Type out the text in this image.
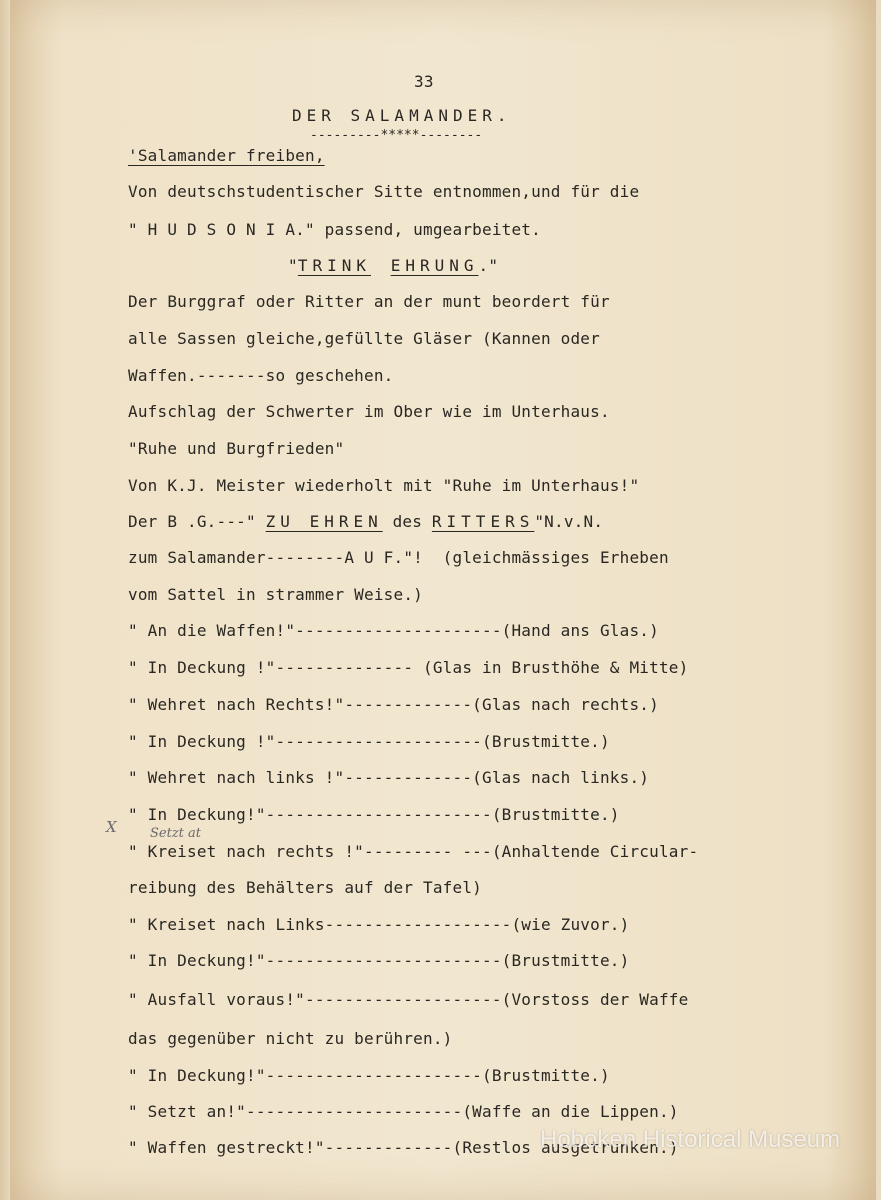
33
DER SALAMANDER.
---------*****--------
'Salamander freiben,
Von deutschstudentischer Sitte entnommen,und für die
" H U D S O N I A." passend, umgearbeitet.
"TRINK EHRUNG."
Der Burggraf oder Ritter an der munt beordert für
alle Sassen gleiche,gefüllte Gläser (Kannen oder
Waffen.-------so geschehen.
Aufschlag der Schwerter im Ober wie im Unterhaus.
"Ruhe und Burgfrieden"
Von K.J. Meister wiederholt mit "Ruhe im Unterhaus!"
Der B .G.---" ZU EHREN des RITTERS"N.v.N.
zum Salamander--------A U F."!  (gleichmässiges Erheben
vom Sattel in strammer Weise.)
" An die Waffen!"---------------------(Hand ans Glas.)
" In Deckung !"-------------- (Glas in Brusthöhe & Mitte)
" Wehret nach Rechts!"-------------(Glas nach rechts.)
" In Deckung !"---------------------(Brustmitte.)
" Wehret nach links !"-------------(Glas nach links.)
" In Deckung!"-----------------------(Brustmitte.)
" Kreiset nach rechts !"--------- ---(Anhaltende Circular-
reibung des Behälters auf der Tafel)
" Kreiset nach Links-------------------(wie Zuvor.)
" In Deckung!"------------------------(Brustmitte.)
" Ausfall voraus!"--------------------(Vorstoss der Waffe
das gegenüber nicht zu berühren.)
" In Deckung!"----------------------(Brustmitte.)
" Setzt an!"----------------------(Waffe an die Lippen.)
" Waffen gestreckt!"-------------(Restlos ausgetrunken.)
X	Setzt at
Hoboken Historical Museum
